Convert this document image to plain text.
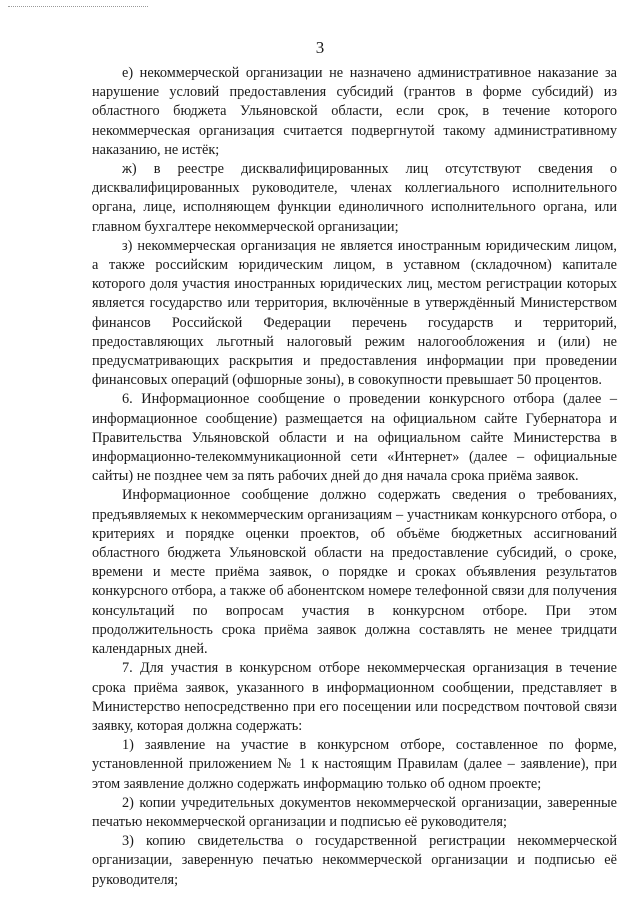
3

е) некоммерческой организации не назначено административное наказание за нарушение условий предоставления субсидий (грантов в форме субсидий) из областного бюджета Ульяновской области, если срок, в течение которого некоммерческая организация считается подвергнутой такому административному наказанию, не истёк;

ж) в реестре дисквалифицированных лиц отсутствуют сведения о дисквалифицированных руководителе, членах коллегиального исполнительного органа, лице, исполняющем функции единоличного исполнительного органа, или главном бухгалтере некоммерческой организации;

з) некоммерческая организация не является иностранным юридическим лицом, а также российским юридическим лицом, в уставном (складочном) капитале которого доля участия иностранных юридических лиц, местом регистрации которых является государство или территория, включённые в утверждённый Министерством финансов Российской Федерации перечень государств и территорий, предоставляющих льготный налоговый режим налогообложения и (или) не предусматривающих раскрытия и предоставления информации при проведении финансовых операций (офшорные зоны), в совокупности превышает 50 процентов.

6. Информационное сообщение о проведении конкурсного отбора (далее – информационное сообщение) размещается на официальном сайте Губернатора и Правительства Ульяновской области и на официальном сайте Министерства в информационно-телекоммуникационной сети «Интернет» (далее – официальные сайты) не позднее чем за пять рабочих дней до дня начала срока приёма заявок.

Информационное сообщение должно содержать сведения о требованиях, предъявляемых к некоммерческим организациям – участникам конкурсного отбора, о критериях и порядке оценки проектов, об объёме бюджетных ассигнований областного бюджета Ульяновской области на предоставление субсидий, о сроке, времени и месте приёма заявок, о порядке и сроках объявления результатов конкурсного отбора, а также об абонентском номере телефонной связи для получения консультаций по вопросам участия в конкурсном отборе. При этом продолжительность срока приёма заявок должна составлять не менее тридцати календарных дней.

7. Для участия в конкурсном отборе некоммерческая организация в течение срока приёма заявок, указанного в информационном сообщении, представляет в Министерство непосредственно при его посещении или посредством почтовой связи заявку, которая должна содержать:

1) заявление на участие в конкурсном отборе, составленное по форме, установленной приложением № 1 к настоящим Правилам (далее – заявление), при этом заявление должно содержать информацию только об одном проекте;

2) копии учредительных документов некоммерческой организации, заверенные печатью некоммерческой организации и подписью её руководителя;

3) копию свидетельства о государственной регистрации некоммерческой организации, заверенную печатью некоммерческой организации и подписью её руководителя;
